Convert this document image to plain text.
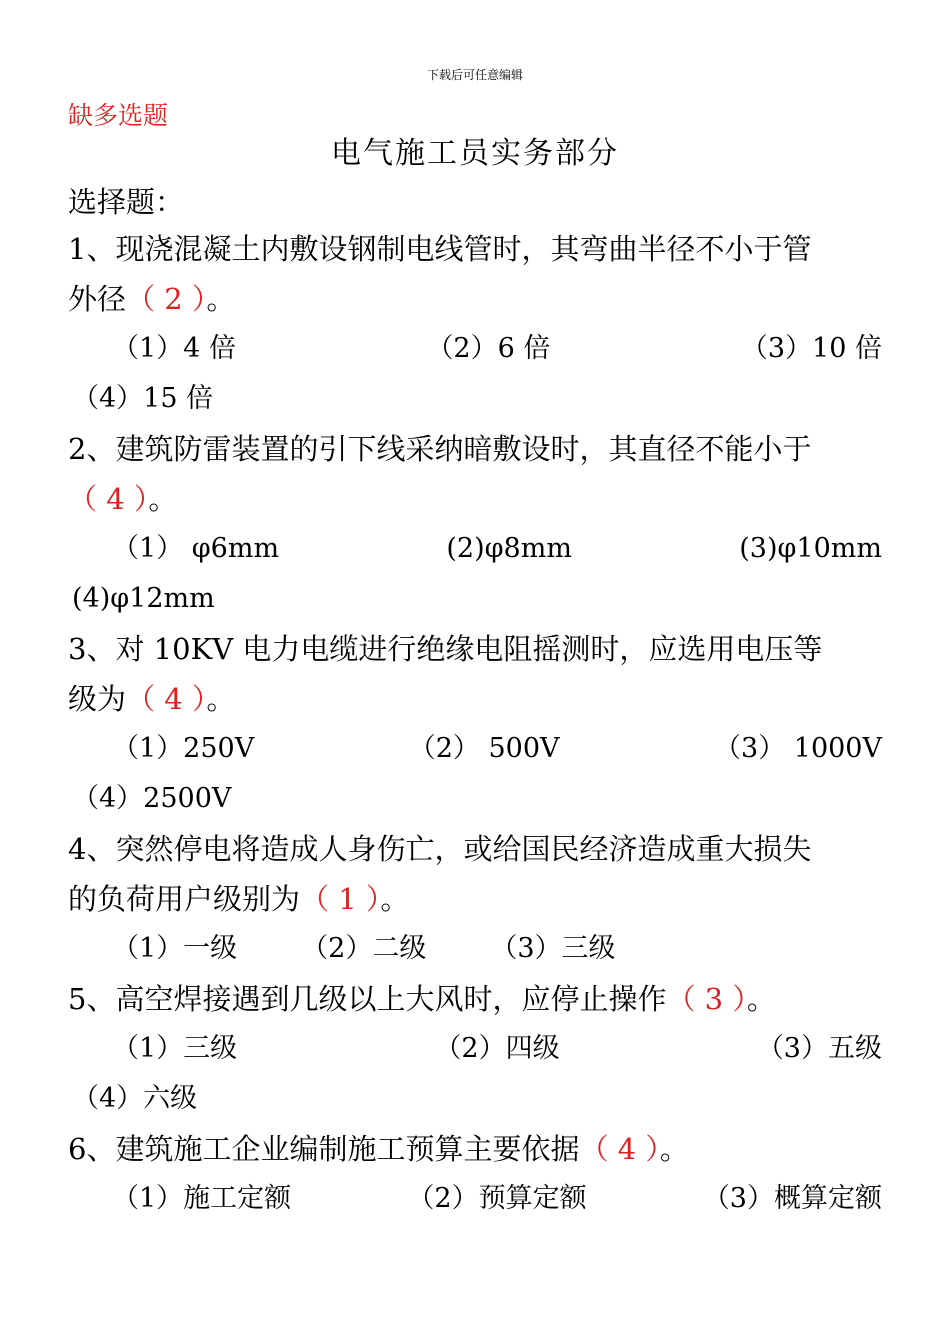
下载后可任意编辑
缺多选题
电气施工员实务部分
选择题：
1、现浇混凝土内敷设钢制电线管时，其弯曲半径不小于管
外径（ 2 ）。
（1）4 倍	（2）6 倍	（3）10 倍
（4）15 倍
2、建筑防雷装置的引下线采纳暗敷设时，其直径不能小于
（ 4 ）。
（1） φ6mm	(2)φ8mm	(3)φ10mm
(4)φ12mm
3、对 10KV 电力电缆进行绝缘电阻摇测时，应选用电压等
级为（ 4 ）。
（1）250V	（2） 500V	（3） 1000V
（4）2500V
4、突然停电将造成人身伤亡，或给国民经济造成重大损失
的负荷用户级别为（ 1 ）。
（1）一级 （2）二级 （3）三级
5、高空焊接遇到几级以上大风时，应停止操作（ 3 ）。
（1）三级	（2）四级	（3）五级
（4）六级
6、建筑施工企业编制施工预算主要依据（ 4 ）。
（1）施工定额	（2）预算定额	（3）概算定额
